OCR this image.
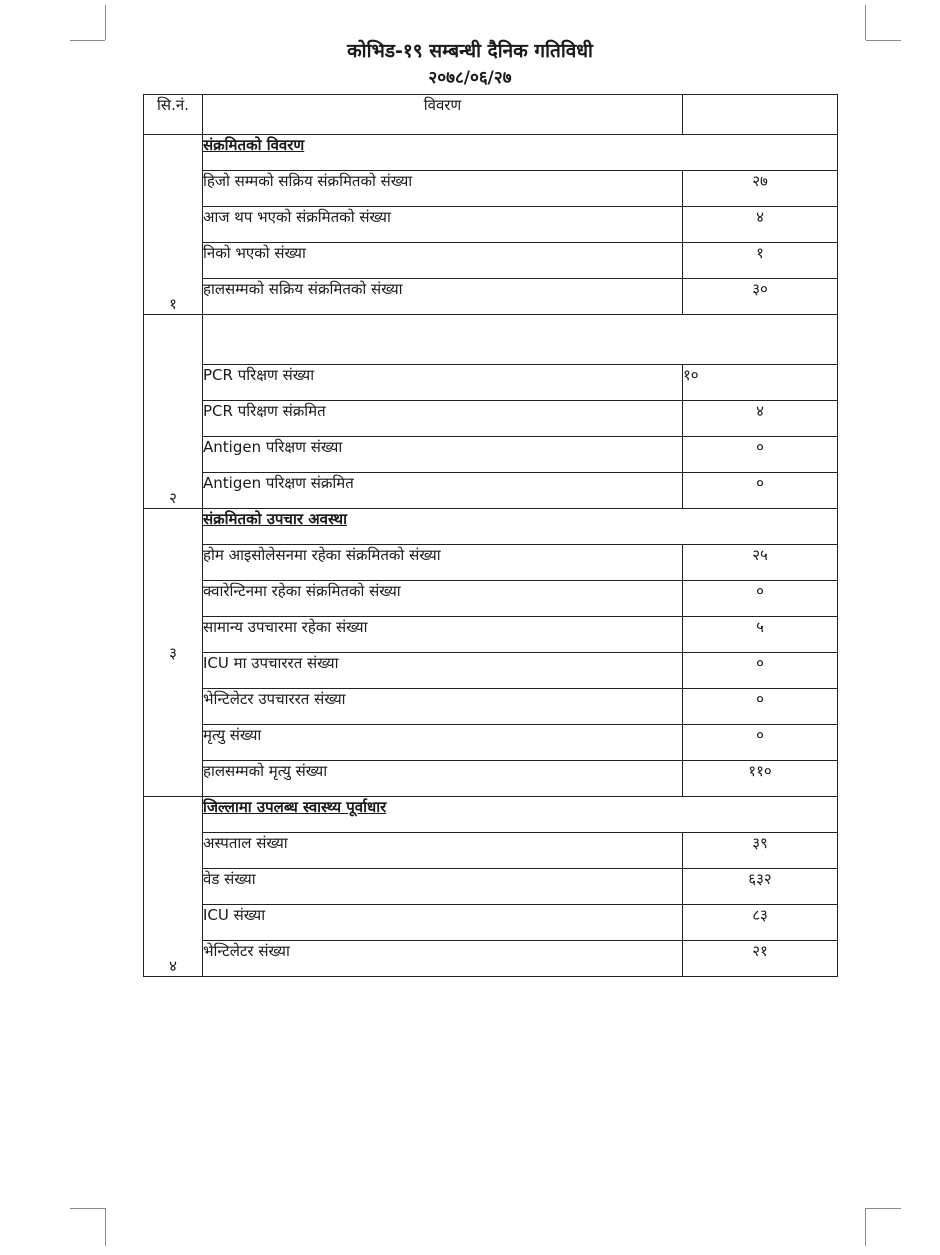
कोभिड-१९ सम्बन्धी दैनिक गतिविधी
२०७८/०६/२७
सि.नं.	विवरण	
१	संक्रमितको विवरण	
	हिजो सम्मको सक्रिय संक्रमितको संख्या	२७
	आज थप भएको संक्रमितको संख्या	४
	निको भएको संख्या	१
	हालसम्मको सक्रिय संक्रमितको संख्या	३०
२		
	PCR परिक्षण संख्या	१०
	PCR परिक्षण संक्रमित	४
	Antigen परिक्षण संख्या	०
	Antigen परिक्षण संक्रमित	०
३	संक्रमितको उपचार अवस्था	
	होम आइसोलेसनमा रहेका संक्रमितको संख्या	२५
	क्वारेन्टिनमा रहेका संक्रमितको संख्या	०
	सामान्य उपचारमा रहेका संख्या	५
	ICU मा उपचाररत संख्या	०
	भेन्टिलेटर उपचाररत संख्या	०
	मृत्यु संख्या	०
	हालसम्मको मृत्यु संख्या	११०
४	जिल्लामा उपलब्ध स्वास्थ्य पूर्वाधार	
	अस्पताल संख्या	३९
	वेड संख्या	६३२
	ICU संख्या	८३
	भेन्टिलेटर संख्या	२१
